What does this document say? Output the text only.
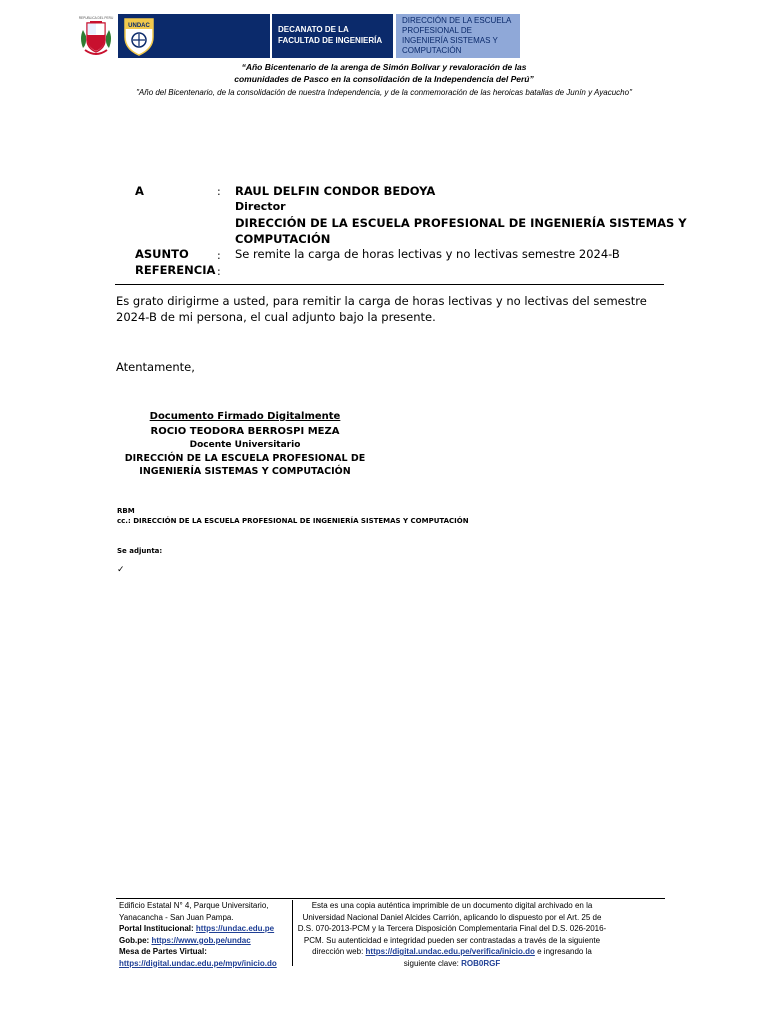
REPUBLICA DEL PERU
UNDAC	DECANATO DE LA FACULTAD DE INGENIERÍA
DIRECCIÓN DE LA ESCUELA PROFESIONAL DE INGENIERÍA SISTEMAS Y COMPUTACIÓN
“Año Bicentenario de la arenga de Simón Bolívar y revaloración de las
comunidades de Pasco en la consolidación de la Independencia del Perú”
"Año del Bicentenario, de la consolidación de nuestra Independencia, y de la conmemoración de las heroicas batallas de Junín y Ayacucho"
A	: RAUL DELFIN CONDOR BEDOYA
Director
DIRECCIÓN DE LA ESCUELA PROFESIONAL DE INGENIERÍA SISTEMAS Y
COMPUTACIÓN
ASUNTO	: Se remite la carga de horas lectivas y no lectivas semestre 2024-B
REFERENCIA :
Es grato dirigirme a usted, para remitir la carga de horas lectivas y no lectivas del semestre 2024-B de mi persona, el cual adjunto bajo la presente.
Atentamente,
Documento Firmado Digitalmente
ROCIO TEODORA BERROSPI MEZA
Docente Universitario
DIRECCIÓN DE LA ESCUELA PROFESIONAL DE
INGENIERÍA SISTEMAS Y COMPUTACIÓN
RBM
cc.: DIRECCIÓN DE LA ESCUELA PROFESIONAL DE INGENIERÍA SISTEMAS Y COMPUTACIÓN
Se adjunta:
✓
Edificio Estatal N° 4, Parque Universitario,
Yanacancha - San Juan Pampa.
Portal Institucional: https://undac.edu.pe
Gob.pe: https://www.gob.pe/undac
Mesa de Partes Virtual:
https://digital.undac.edu.pe/mpv/inicio.do
Esta es una copia auténtica imprimible de un documento digital archivado en la Universidad Nacional Daniel Alcides Carrión, aplicando lo dispuesto por el Art. 25 de D.S. 070-2013-PCM y la Tercera Disposición Complementaria Final del D.S. 026-2016-PCM. Su autenticidad e integridad pueden ser contrastadas a través de la siguiente dirección web: https://digital.undac.edu.pe/verifica/inicio.do e ingresando la siguiente clave: ROB0RGF
